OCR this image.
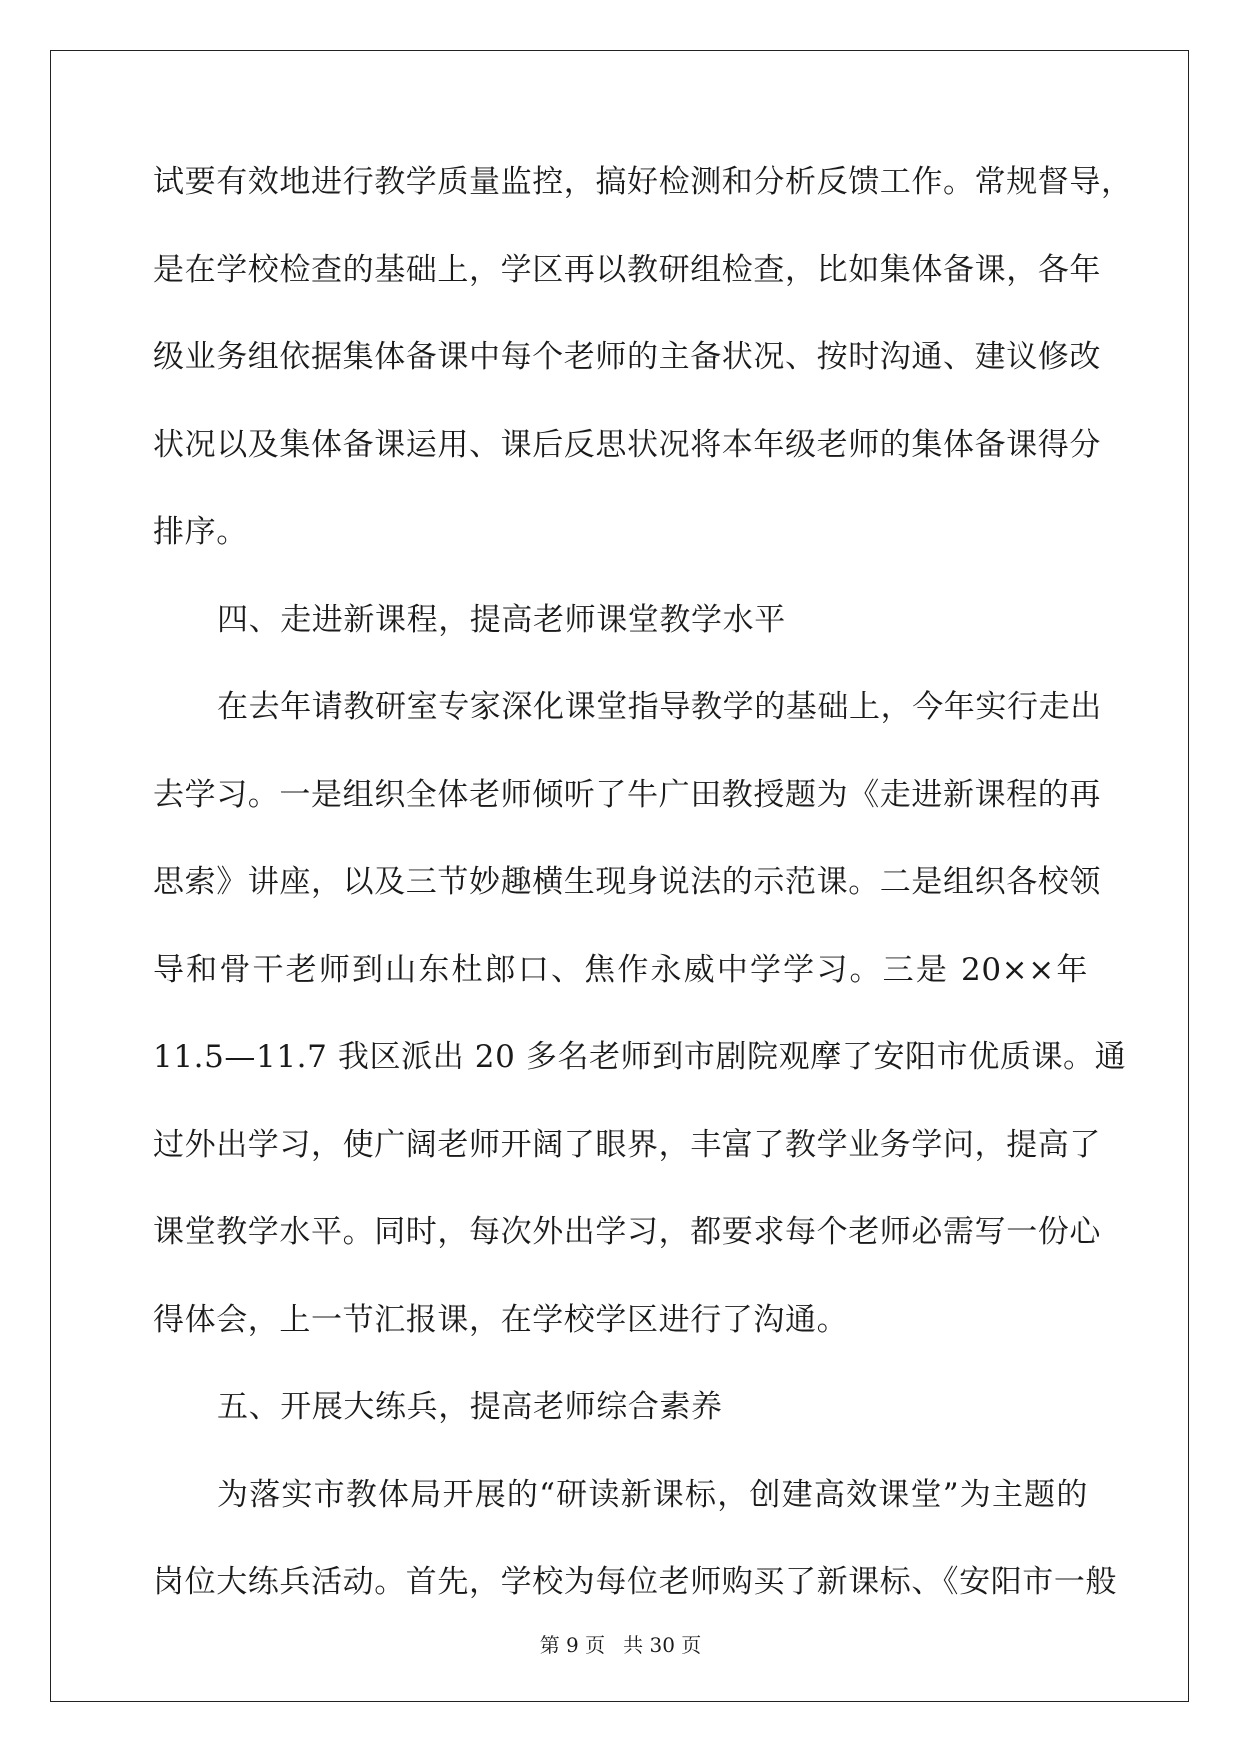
试要有效地进行教学质量监控，搞好检测和分析反馈工作。常规督导，
是在学校检查的基础上，学区再以教研组检查，比如集体备课，各年
级业务组依据集体备课中每个老师的主备状况、按时沟通、建议修改
状况以及集体备课运用、课后反思状况将本年级老师的集体备课得分
排序。
四、走进新课程，提高老师课堂教学水平
在去年请教研室专家深化课堂指导教学的基础上，今年实行走出
去学习。一是组织全体老师倾听了牛广田教授题为《走进新课程的再
思索》讲座，以及三节妙趣横生现身说法的示范课。二是组织各校领
导和骨干老师到山东杜郎口、焦作永威中学学习。三是 20××年
11.5—11.7 我区派出 20 多名老师到市剧院观摩了安阳市优质课。通
过外出学习，使广阔老师开阔了眼界，丰富了教学业务学问，提高了
课堂教学水平。同时，每次外出学习，都要求每个老师必需写一份心
得体会，上一节汇报课，在学校学区进行了沟通。
五、开展大练兵，提高老师综合素养
为落实市教体局开展的“研读新课标，创建高效课堂”为主题的
岗位大练兵活动。首先，学校为每位老师购买了新课标、《安阳市一般
第 9 页 共 30 页
